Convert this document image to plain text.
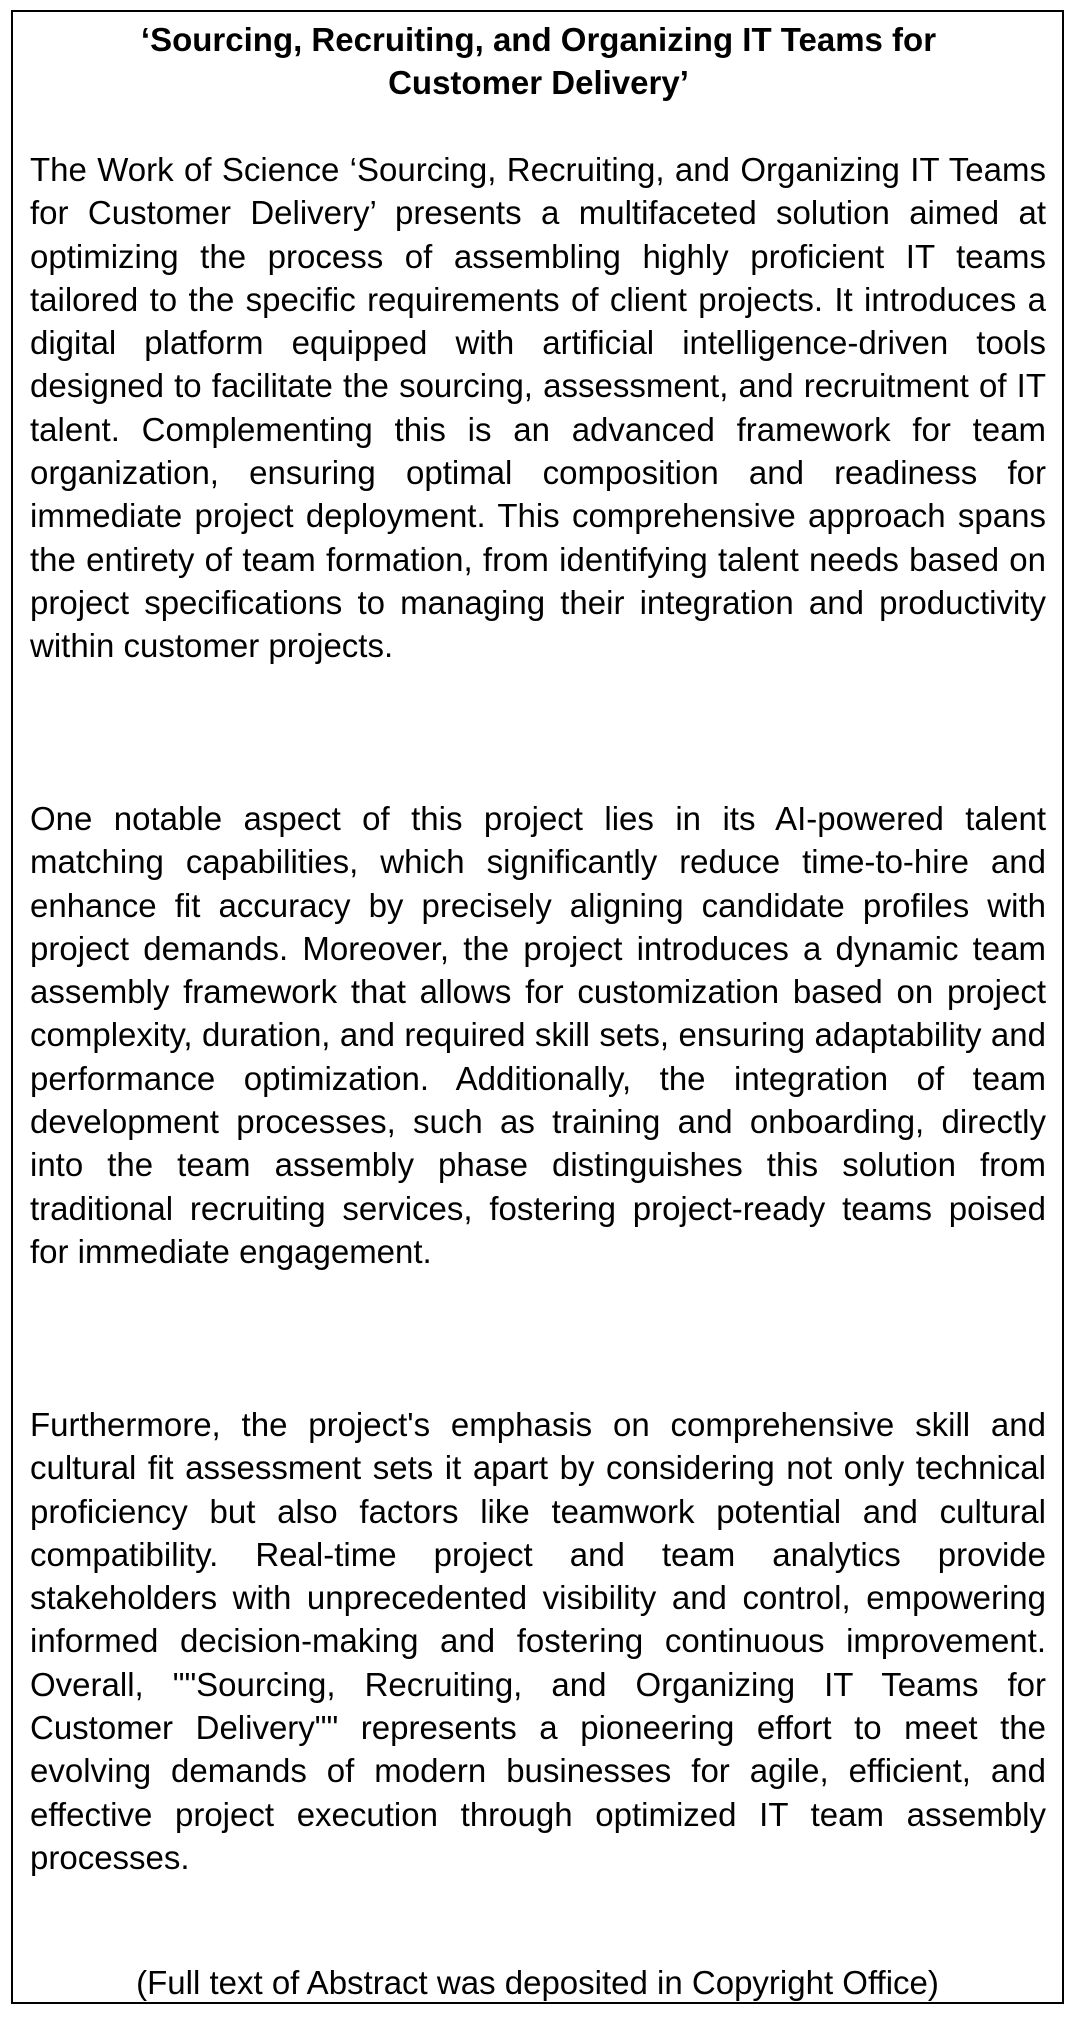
‘Sourcing, Recruiting, and Organizing IT Teams for
Customer Delivery’

The Work of Science ‘Sourcing, Recruiting, and Organizing IT Teams for Customer Delivery’ presents a multifaceted solution aimed at optimizing the process of assembling highly proficient IT teams tailored to the specific requirements of client projects. It introduces a digital platform equipped with artificial intelligence-driven tools designed to facilitate the sourcing, assessment, and recruitment of IT talent. Complementing this is an advanced framework for team organization, ensuring optimal composition and readiness for immediate project deployment. This comprehensive approach spans the entirety of team formation, from identifying talent needs based on project specifications to managing their integration and productivity within customer projects.

One notable aspect of this project lies in its AI-powered talent matching capabilities, which significantly reduce time-to-hire and enhance fit accuracy by precisely aligning candidate profiles with project demands. Moreover, the project introduces a dynamic team assembly framework that allows for customization based on project complexity, duration, and required skill sets, ensuring adaptability and performance optimization. Additionally, the integration of team development processes, such as training and onboarding, directly into the team assembly phase distinguishes this solution from traditional recruiting services, fostering project-ready teams poised for immediate engagement.

Furthermore, the project's emphasis on comprehensive skill and cultural fit assessment sets it apart by considering not only technical proficiency but also factors like teamwork potential and cultural compatibility. Real-time project and team analytics provide stakeholders with unprecedented visibility and control, empowering informed decision-making and fostering continuous improvement. Overall, ""Sourcing, Recruiting, and Organizing IT Teams for Customer Delivery"" represents a pioneering effort to meet the evolving demands of modern businesses for agile, efficient, and effective project execution through optimized IT team assembly processes.

(Full text of Abstract was deposited in Copyright Office)
